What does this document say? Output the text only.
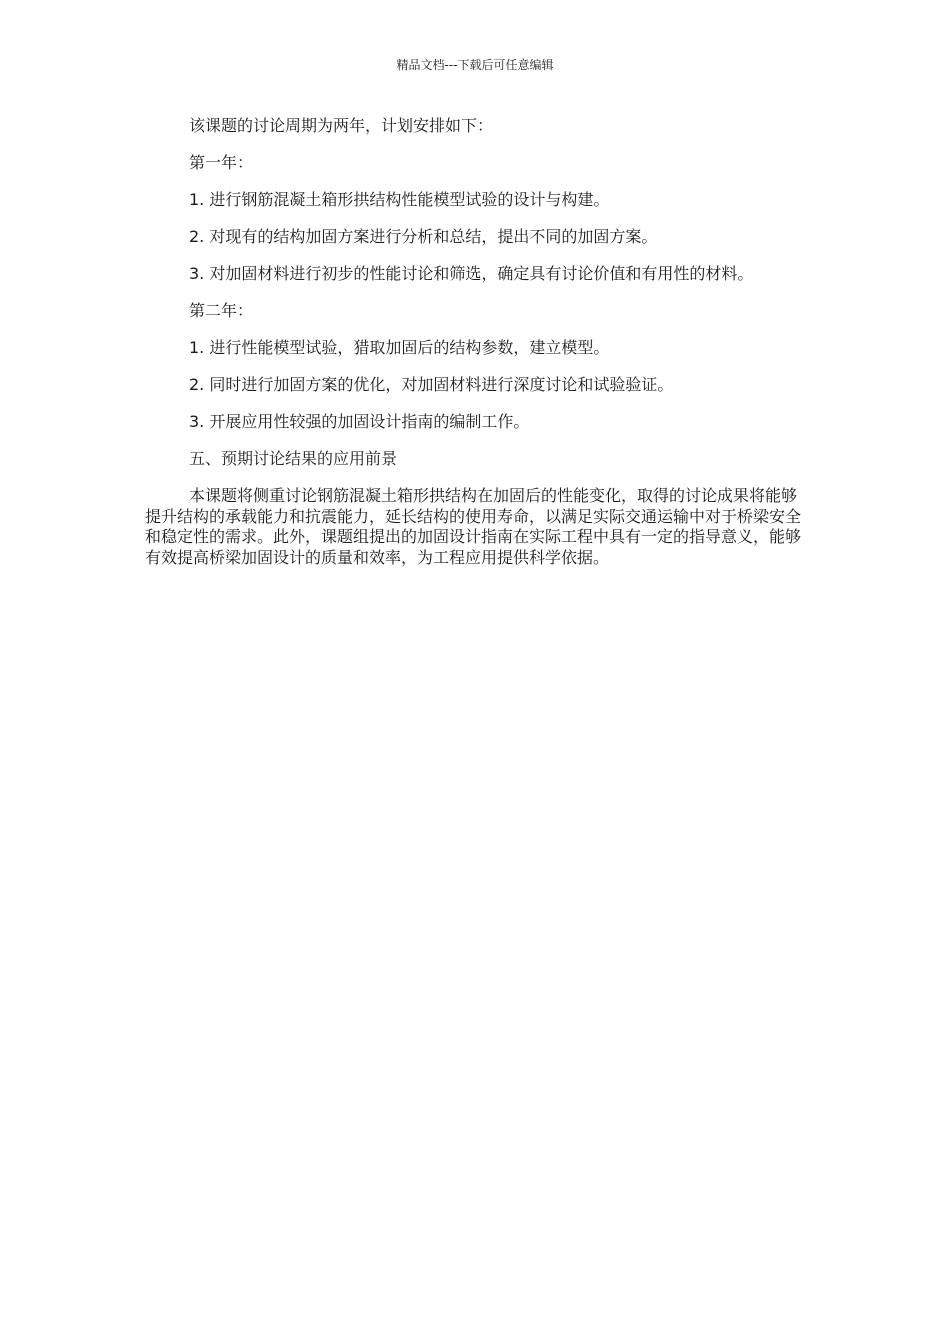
精品文档---下载后可任意编辑

该课题的讨论周期为两年，计划安排如下：

第一年：

1. 进行钢筋混凝土箱形拱结构性能模型试验的设计与构建。

2. 对现有的结构加固方案进行分析和总结，提出不同的加固方案。

3. 对加固材料进行初步的性能讨论和筛选，确定具有讨论价值和有用性的材料。

第二年：

1. 进行性能模型试验，猎取加固后的结构参数，建立模型。

2. 同时进行加固方案的优化，对加固材料进行深度讨论和试验验证。

3. 开展应用性较强的加固设计指南的编制工作。

五、预期讨论结果的应用前景

本课题将侧重讨论钢筋混凝土箱形拱结构在加固后的性能变化，取得的讨论成果将能够提升结构的承载能力和抗震能力，延长结构的使用寿命，以满足实际交通运输中对于桥梁安全和稳定性的需求。此外，课题组提出的加固设计指南在实际工程中具有一定的指导意义，能够有效提高桥梁加固设计的质量和效率，为工程应用提供科学依据。
